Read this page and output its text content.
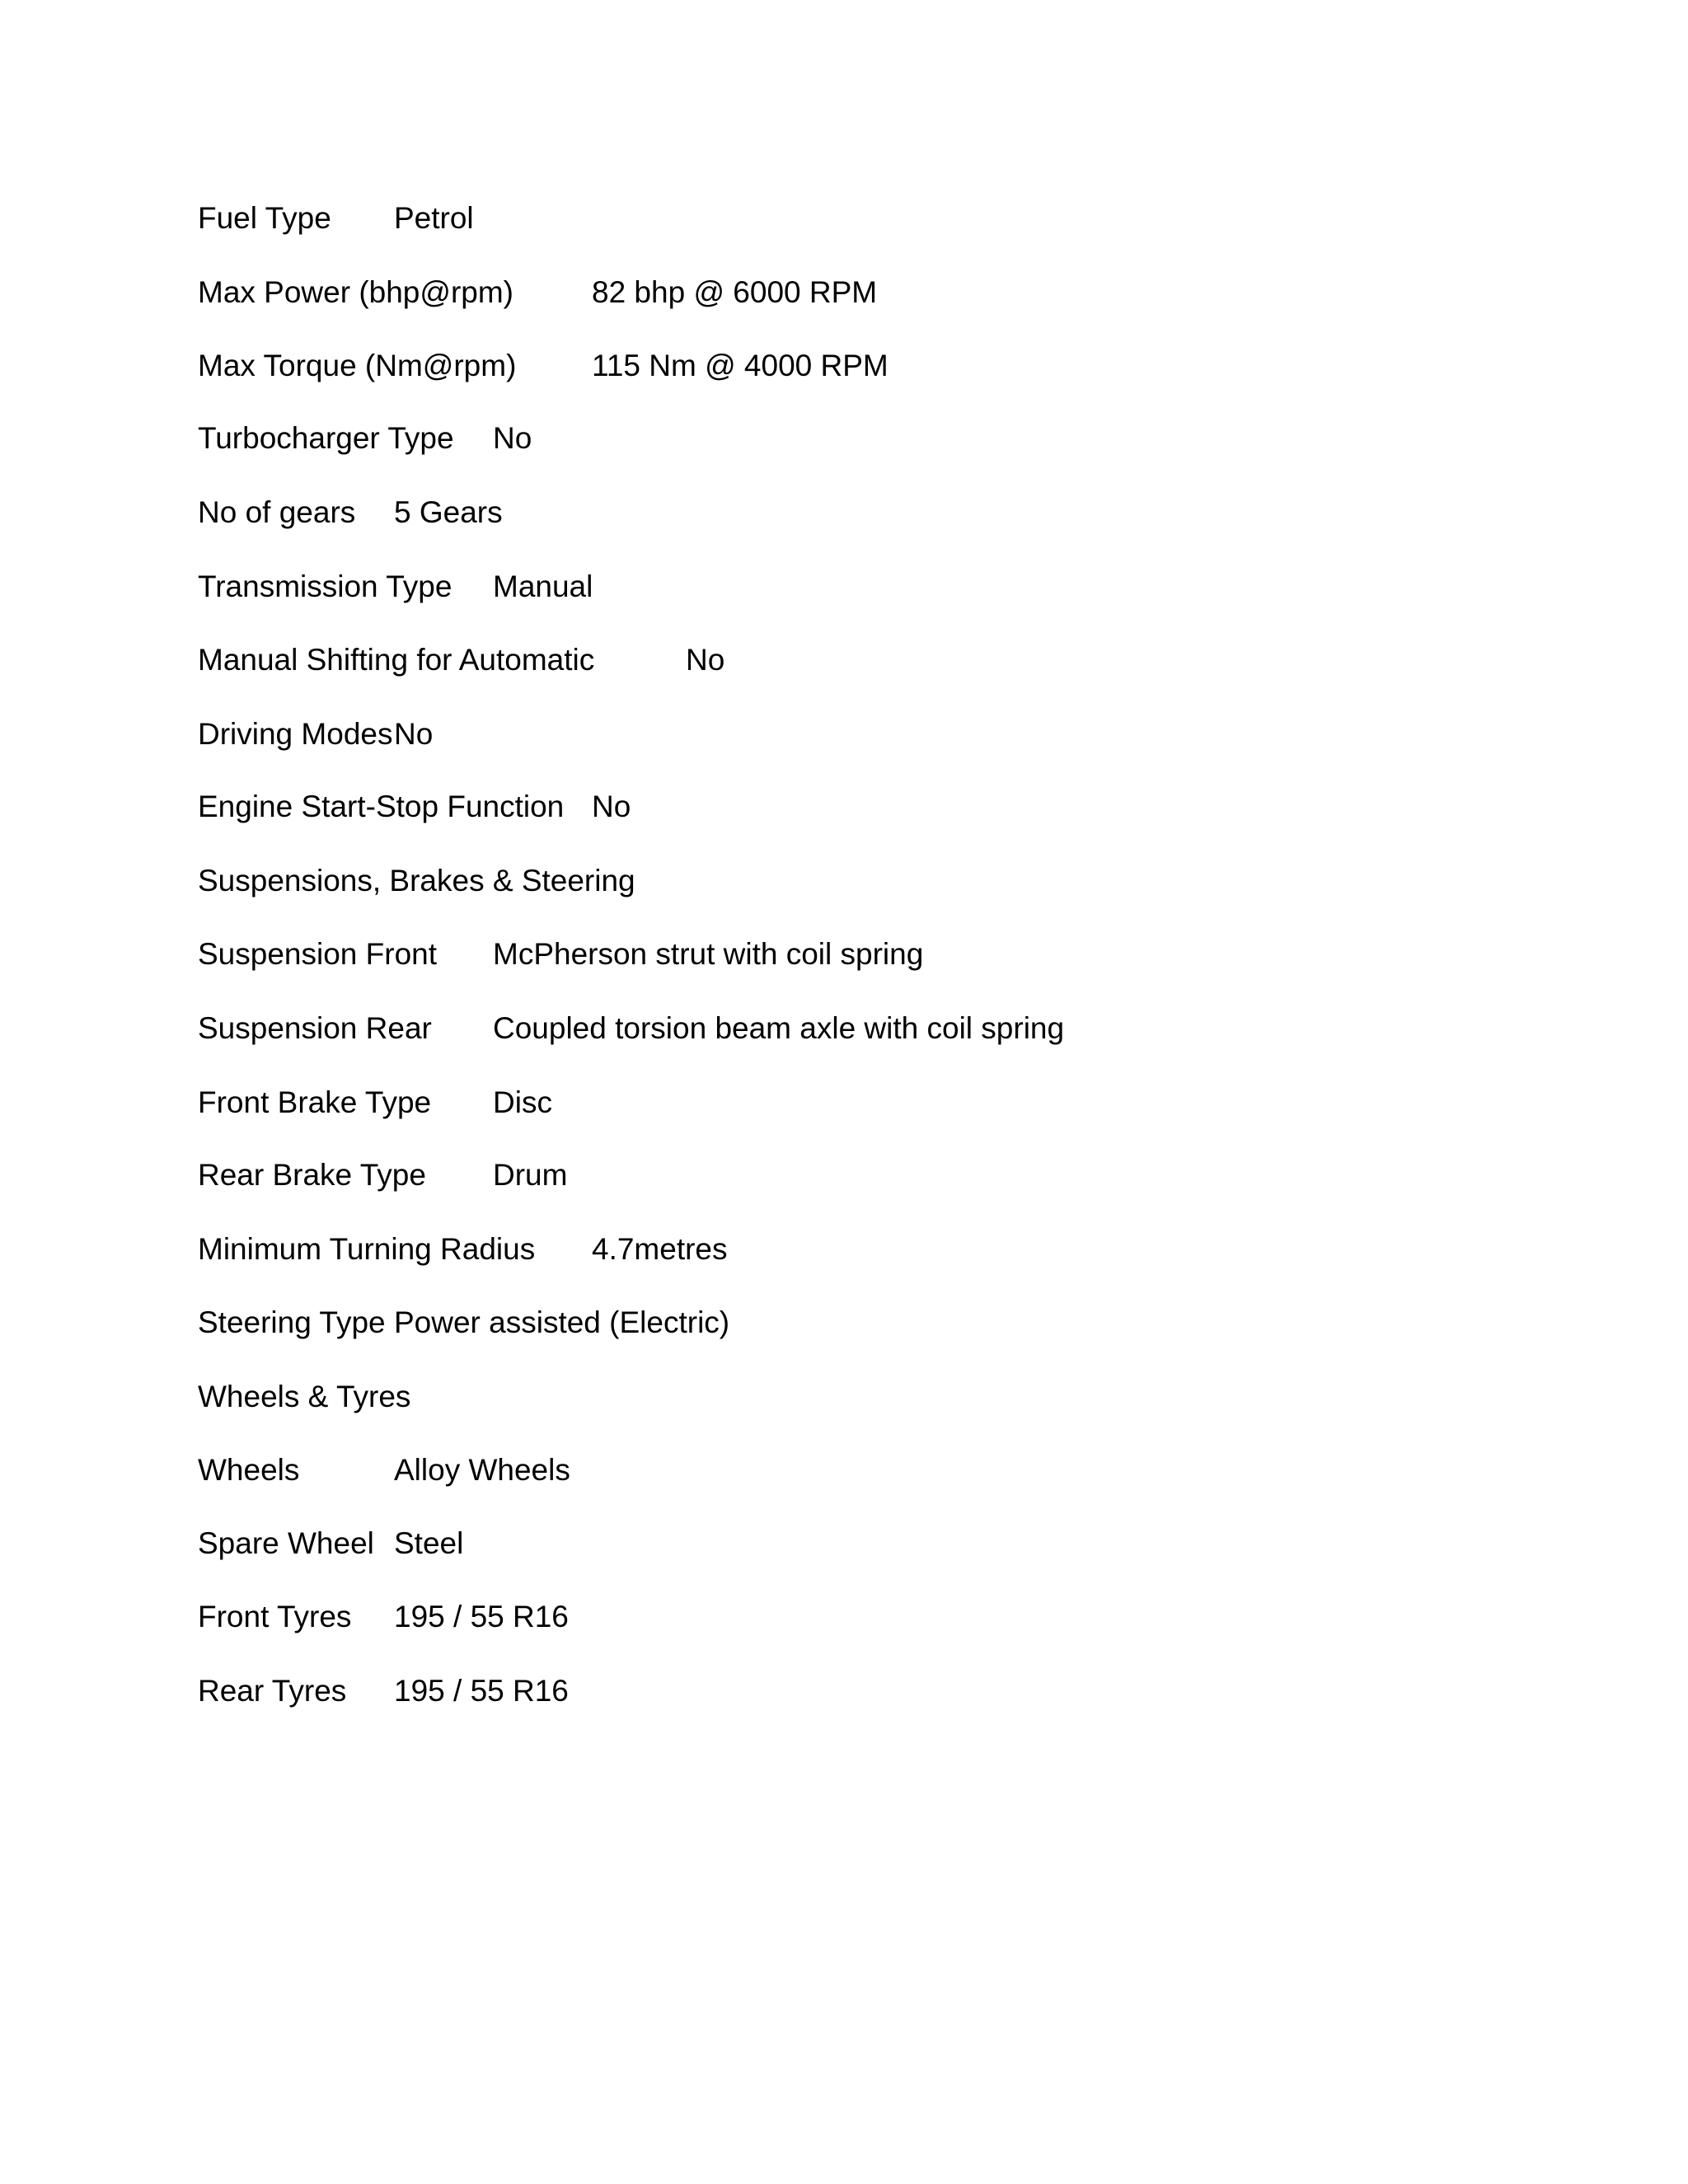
Fuel Type Petrol
Max Power (bhp@rpm)	82 bhp @ 6000 RPM
Max Torque (Nm@rpm) 115 Nm @ 4000 RPM
Turbocharger Type No
No of gears 5 Gears
Transmission Type Manual
Manual Shifting for Automatic	No
Driving Modes No
Engine Start-Stop Function No
Suspensions, Brakes & Steering
Suspension Front McPherson strut with coil spring
Suspension Rear Coupled torsion beam axle with coil spring
Front Brake Type Disc
Rear Brake Type Drum
Minimum Turning Radius 4.7metres
Steering Type Power assisted (Electric)
Wheels & Tyres
Wheels	Alloy Wheels
Spare Wheel Steel
Front Tyres 195 / 55 R16
Rear Tyres 195 / 55 R16
